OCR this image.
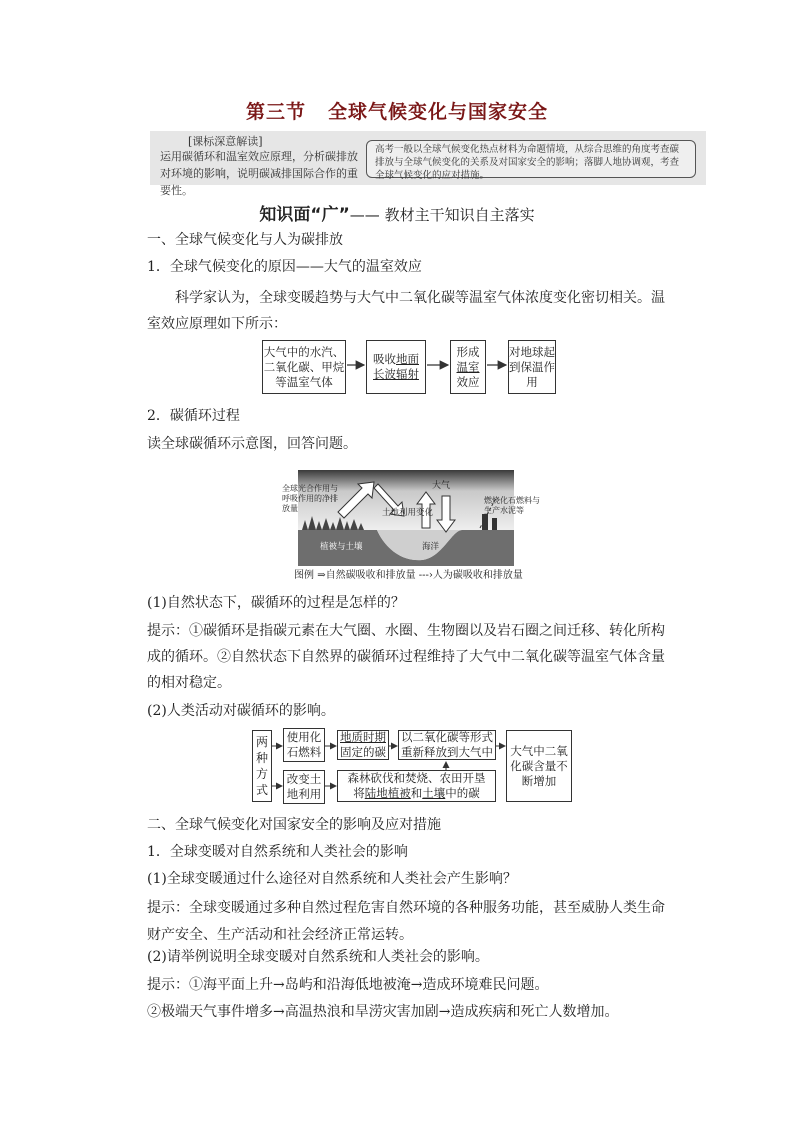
第三节 全球气候变化与国家安全
[课标深意解读]
运用碳循环和温室效应原理，分析碳排放对环境的影响，说明碳减排国际合作的重要性。
高考一般以全球气候变化热点材料为命题情境，从综合思维的角度考查碳排放与全球气候变化的关系及对国家安全的影响；落脚人地协调观，考查全球气候变化的应对措施。
知识面“广”—— 教材主干知识自主落实
一、全球气候变化与人为碳排放
1．全球气候变化的原因——大气的温室效应
科学家认为，全球变暖趋势与大气中二氧化碳等温室气体浓度变化密切相关。温室效应原理如下所示：
大气中的水汽、二氧化碳、甲烷等温室气体
吸收地面
长波辐射
形成
温室
效应
对地球起到保温作用
2．碳循环过程
读全球碳循环示意图，回答问题。
全球光合作用与呼吸作用的净排放量	土地利用变化
大气
燃烧化石燃料与生产水泥等
植被与土壤	海洋
图例 ⇒自然碳吸收和排放量 ‐‐‐›人为碳吸收和排放量
(1)自然状态下，碳循环的过程是怎样的？
提示：①碳循环是指碳元素在大气圈、水圈、生物圈以及岩石圈之间迁移、转化所构成的循环。②自然状态下自然界的碳循环过程维持了大气中二氧化碳等温室气体含量的相对稳定。
(2)人类活动对碳循环的影响。
两种方式
使用化石燃料
地质时期
固定的碳
以二氧化碳等形式重新释放到大气中 大气中二氧化碳含量不断增加
改变土地利用
森林砍伐和焚烧、农田开垦
将陆地植被和土壤中的碳
二、全球气候变化对国家安全的影响及应对措施
1．全球变暖对自然系统和人类社会的影响
(1)全球变暖通过什么途径对自然系统和人类社会产生影响？
提示：全球变暖通过多种自然过程危害自然环境的各种服务功能，甚至威胁人类生命财产安全、生产活动和社会经济正常运转。
(2)请举例说明全球变暖对自然系统和人类社会的影响。
提示：①海平面上升→岛屿和沿海低地被淹→造成环境难民问题。
②极端天气事件增多→高温热浪和旱涝灾害加剧→造成疾病和死亡人数增加。
